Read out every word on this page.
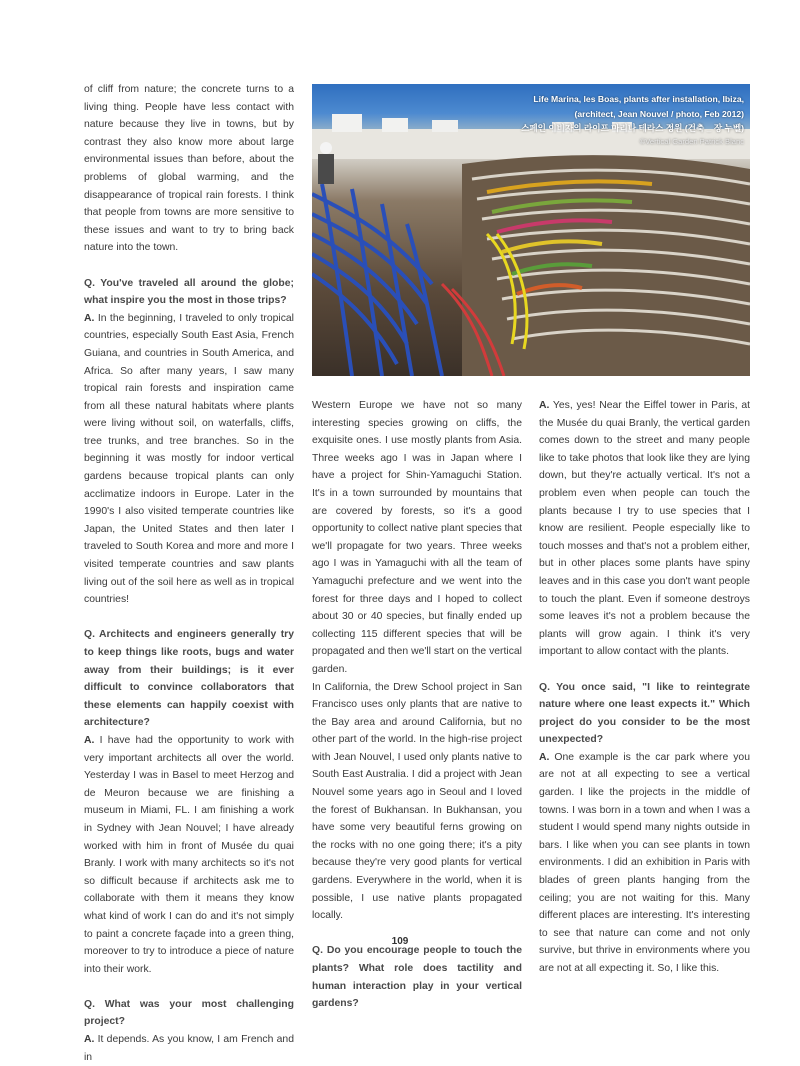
of cliff from nature; the concrete turns to a living thing. People have less contact with nature because they live in towns, but by contrast they also know more about large environmental issues than before, about the problems of global warming, and the disappearance of tropical rain forests. I think that people from towns are more sensitive to these issues and want to try to bring back nature into the town.

Q. You've traveled all around the globe; what inspire you the most in those trips?

A. In the beginning, I traveled to only tropical countries, especially South East Asia, French Guiana, and countries in South America, and Africa. So after many years, I saw many tropical rain forests and inspiration came from all these natural habitats where plants were living without soil, on waterfalls, cliffs, tree trunks, and tree branches. So in the beginning it was mostly for indoor vertical gardens because tropical plants can only acclimatize indoors in Europe. Later in the 1990's I also visited temperate countries like Japan, the United States and then later I traveled to South Korea and more and more I visited temperate countries and saw plants living out of the soil here as well as in tropical countries!

Q. Architects and engineers generally try to keep things like roots, bugs and water away from their buildings; is it ever difficult to convince collaborators that these elements can happily coexist with architecture?

A. I have had the opportunity to work with very important architects all over the world. Yesterday I was in Basel to meet Herzog and de Meuron because we are finishing a museum in Miami, FL. I am finishing a work in Sydney with Jean Nouvel; I have already worked with him in front of Musée du quai Branly. I work with many architects so it's not so difficult because if architects ask me to collaborate with them it means they know what kind of work I can do and it's not simply to paint a concrete façade into a green thing, moreover to try to introduce a piece of nature into their work.

Q. What was your most challenging project?

A. It depends. As you know, I am French and in

Life Marina, les Boas, plants after installation, Ibiza,
(architect, Jean Nouvel / photo, Feb 2012)
스페인 이비자의 라이프 마리나 테라스 정원 (건축 _ 장 누벨)
©Vertical Garden Patrick Blanc

Western Europe we have not so many interesting species growing on cliffs, the exquisite ones. I use mostly plants from Asia. Three weeks ago I was in Japan where I have a project for Shin-Yamaguchi Station. It's in a town surrounded by mountains that are covered by forests, so it's a good opportunity to collect native plant species that we'll propagate for two years. Three weeks ago I was in Yamaguchi with all the team of Yamaguchi prefecture and we went into the forest for three days and I hoped to collect about 30 or 40 species, but finally ended up collecting 115 different species that will be propagated and then we'll start on the vertical garden.

In California, the Drew School project in San Francisco uses only plants that are native to the Bay area and around California, but no other part of the world. In the high-rise project with Jean Nouvel, I used only plants native to South East Australia. I did a project with Jean Nouvel some years ago in Seoul and I loved the forest of Bukhansan. In Bukhansan, you have some very beautiful ferns growing on the rocks with no one going there; it's a pity because they're very good plants for vertical gardens. Everywhere in the world, when it is possible, I use native plants propagated locally.

Q. Do you encourage people to touch the plants? What role does tactility and human interaction play in your vertical gardens?

A. Yes, yes! Near the Eiffel tower in Paris, at the Musée du quai Branly, the vertical garden comes down to the street and many people like to take photos that look like they are lying down, but they're actually vertical. It's not a problem even when people can touch the plants because I try to use species that I know are resilient. People especially like to touch mosses and that's not a problem either, but in other places some plants have spiny leaves and in this case you don't want people to touch the plant. Even if someone destroys some leaves it's not a problem because the plants will grow again. I think it's very important to allow contact with the plants.

Q. You once said, "I like to reintegrate nature where one least expects it." Which project do you consider to be the most unexpected?

A. One example is the car park where you are not at all expecting to see a vertical garden. I like the projects in the middle of towns. I was born in a town and when I was a student I would spend many nights outside in bars. I like when you can see plants in town environments. I did an exhibition in Paris with blades of green plants hanging from the ceiling; you are not waiting for this. Many different places are interesting. It's interesting to see that nature can come and not only survive, but thrive in environments where you are not at all expecting it. So, I like this.

109
